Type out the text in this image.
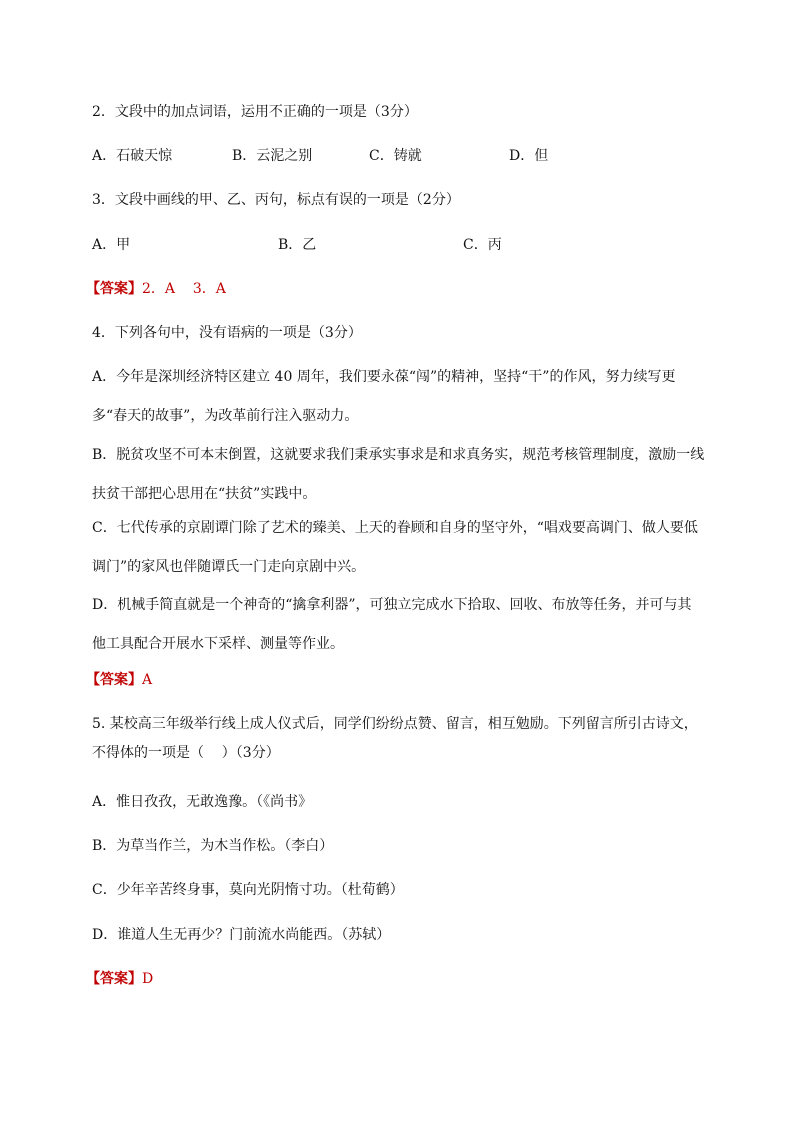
2．文段中的加点词语，运用不正确的一项是（3分）
A．石破天惊	B．云泥之别	C．铸就	D．但
3．文段中画线的甲、乙、丙句，标点有误的一项是（2分）
A．甲	B．乙	C．丙
【答案】2．A    3．A
4．下列各句中，没有语病的一项是（3分）
A．今年是深圳经济特区建立 40 周年，我们要永葆“闯”的精神，坚持“干”的作风，努力续写更
多“春天的故事”，为改革前行注入驱动力。
B．脱贫攻坚不可本末倒置，这就要求我们秉承实事求是和求真务实，规范考核管理制度，激励一线
扶贫干部把心思用在“扶贫”实践中。
C．七代传承的京剧谭门除了艺术的臻美、上天的眷顾和自身的坚守外，“唱戏要高调门、做人要低
调门”的家风也伴随谭氏一门走向京剧中兴。
D．机械手简直就是一个神奇的“擒拿利器”，可独立完成水下拾取、回收、布放等任务，并可与其
他工具配合开展水下采样、测量等作业。
【答案】A
5. 某校高三年级举行线上成人仪式后，同学们纷纷点赞、留言，相互勉励。下列留言所引古诗文，
不得体的一项是（    ）（3分）
A．惟日孜孜，无敢逸豫。（《尚书》
B．为草当作兰，为木当作松。（李白）
C．少年辛苦终身事，莫向光阴惰寸功。（杜荀鹤）
D．谁道人生无再少？门前流水尚能西。（苏轼）
【答案】D
